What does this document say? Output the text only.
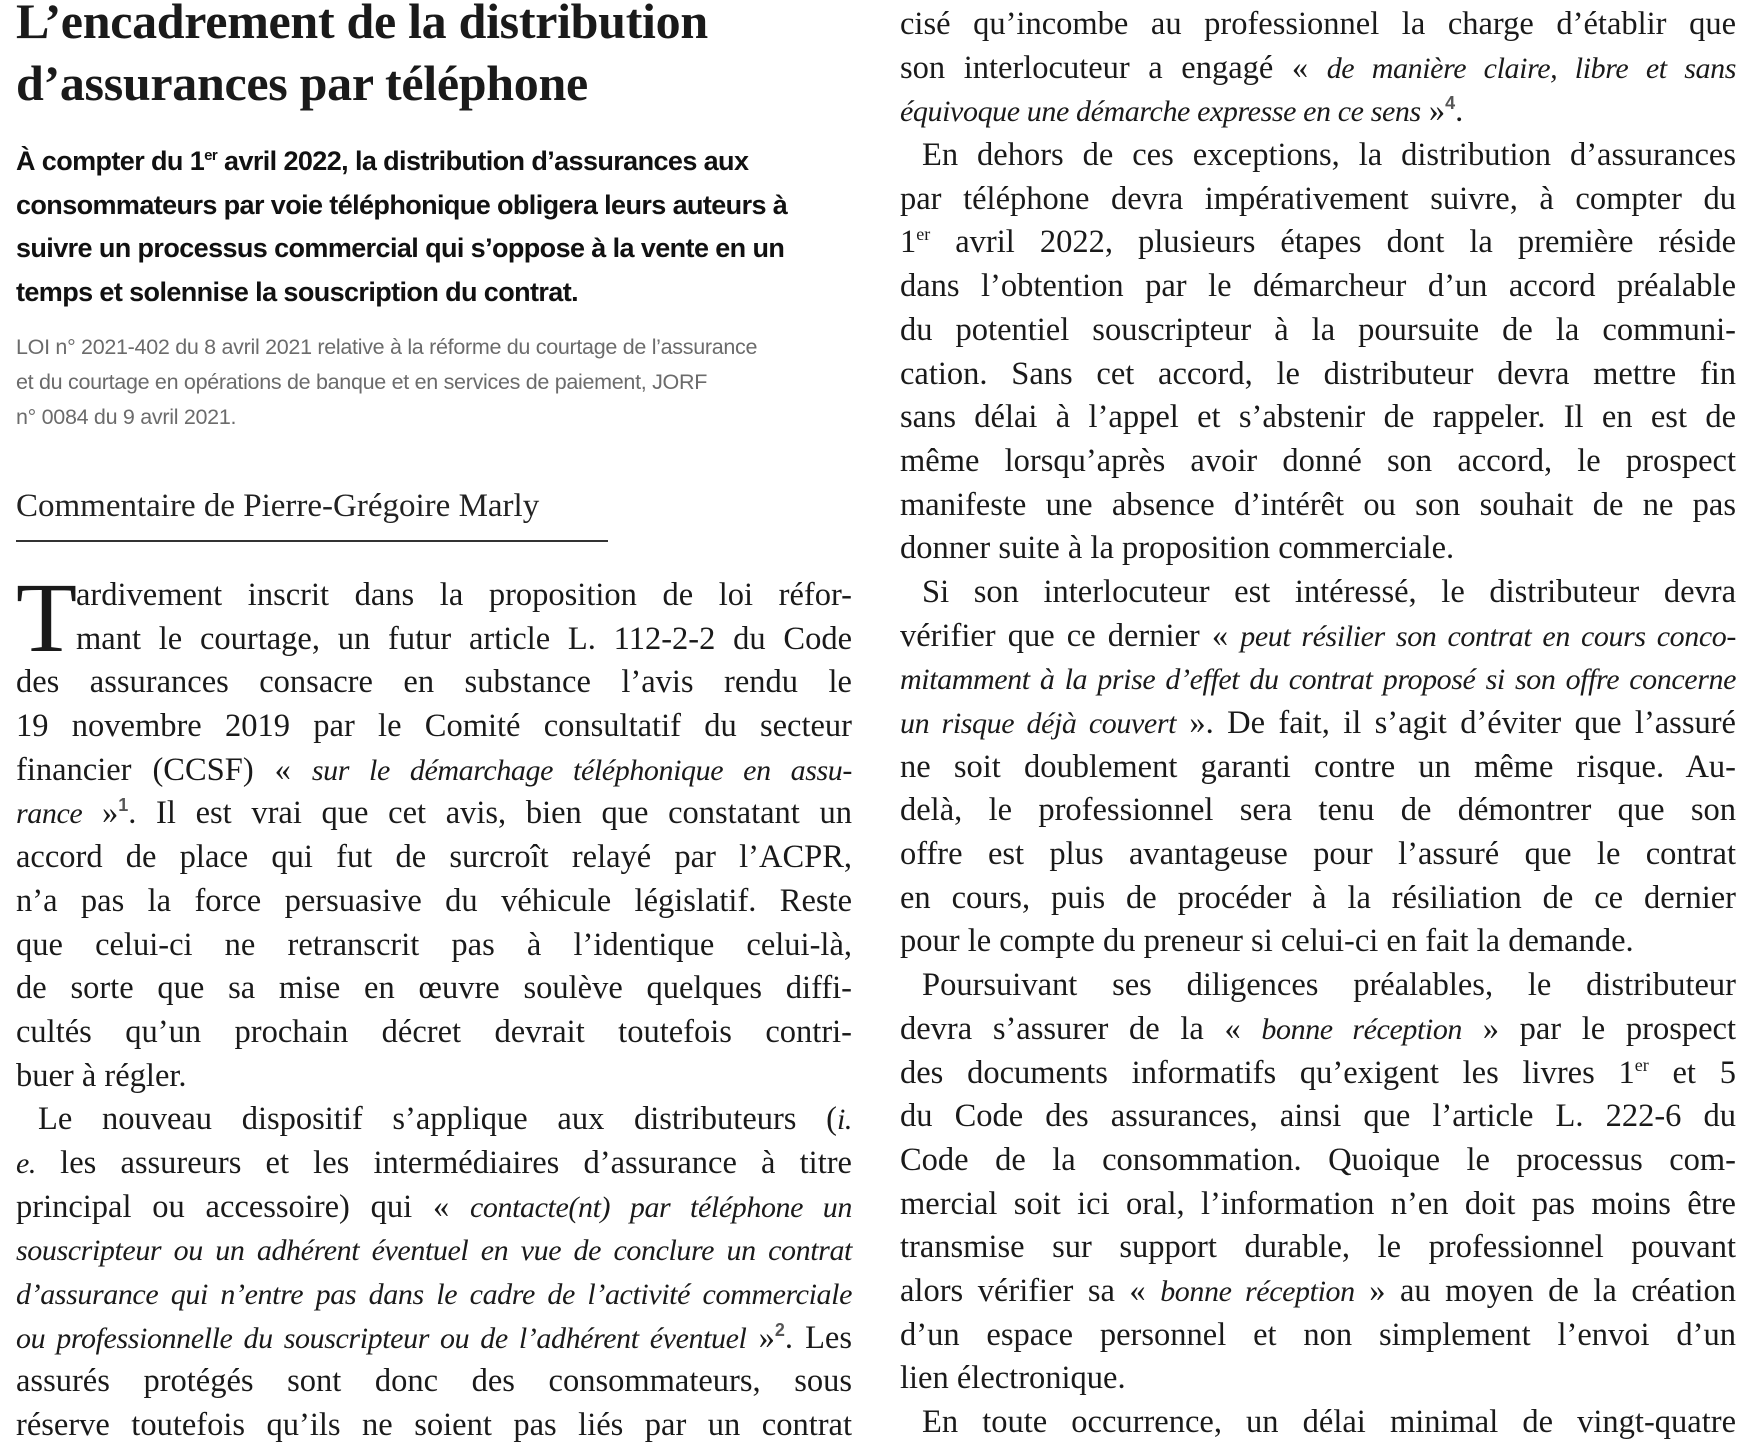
L’encadrement de la distribution
d’assurances par téléphone
À compter du 1er avril 2022, la distribution d’assurances aux consommateurs par voie téléphonique obligera leurs auteurs à suivre un processus commercial qui s’oppose à la vente en un temps et solennise la souscription du contrat.
LOI n° 2021-402 du 8 avril 2021 relative à la réforme du courtage de l’assurance
et du courtage en opérations de banque et en services de paiement, JORF
n° 0084 du 9 avril 2021.
Commentaire de Pierre-Grégoire Marly
T
ardivement inscrit dans la proposition de loi réfor-
mant le courtage, un futur article L. 112-2-2 du Code
des assurances consacre en substance l’avis rendu le
19 novembre 2019 par le Comité consultatif du secteur
financier (CCSF) « sur le démarchage téléphonique en assu-
rance »$^1$. Il est vrai que cet avis, bien que constatant un
accord de place qui fut de surcroît relayé par l’ACPR,
n’a pas la force persuasive du véhicule législatif. Reste
que celui-ci ne retranscrit pas à l’identique celui-là,
de sorte que sa mise en œuvre soulève quelques diffi-
cultés qu’un prochain décret devrait toutefois contri-
buer à régler.
Le nouveau dispositif s’applique aux distributeurs (i.
e. les assureurs et les intermédiaires d’assurance à titre
principal ou accessoire) qui « contacte(nt) par téléphone un
souscripteur ou un adhérent éventuel en vue de conclure un contrat
d’assurance qui n’entre pas dans le cadre de l’activité commerciale
ou professionnelle du souscripteur ou de l’adhérent éventuel »$^2$. Les
assurés protégés sont donc des consommateurs, sous
réserve toutefois qu’ils ne soient pas liés par un contrat
cisé qu’incombe au professionnel la charge d’établir que
son interlocuteur a engagé « de manière claire, libre et sans
équivoque une démarche expresse en ce sens »$^4$.
En dehors de ces exceptions, la distribution d’assurances
par téléphone devra impérativement suivre, à compter du
1er avril 2022, plusieurs étapes dont la première réside
dans l’obtention par le démarcheur d’un accord préalable
du potentiel souscripteur à la poursuite de la communi-
cation. Sans cet accord, le distributeur devra mettre fin
sans délai à l’appel et s’abstenir de rappeler. Il en est de
même lorsqu’après avoir donné son accord, le prospect
manifeste une absence d’intérêt ou son souhait de ne pas
donner suite à la proposition commerciale.
Si son interlocuteur est intéressé, le distributeur devra
vérifier que ce dernier « peut résilier son contrat en cours conco-
mitamment à la prise d’effet du contrat proposé si son offre concerne
un risque déjà couvert ». De fait, il s’agit d’éviter que l’assuré
ne soit doublement garanti contre un même risque. Au-
delà, le professionnel sera tenu de démontrer que son
offre est plus avantageuse pour l’assuré que le contrat
en cours, puis de procéder à la résiliation de ce dernier
pour le compte du preneur si celui-ci en fait la demande.
Poursuivant ses diligences préalables, le distributeur
devra s’assurer de la « bonne réception » par le prospect
des documents informatifs qu’exigent les livres 1er et 5
du Code des assurances, ainsi que l’article L. 222-6 du
Code de la consommation. Quoique le processus com-
mercial soit ici oral, l’information n’en doit pas moins être
transmise sur support durable, le professionnel pouvant
alors vérifier sa « bonne réception » au moyen de la création
d’un espace personnel et non simplement l’envoi d’un
lien électronique.
En toute occurrence, un délai minimal de vingt-quatre
